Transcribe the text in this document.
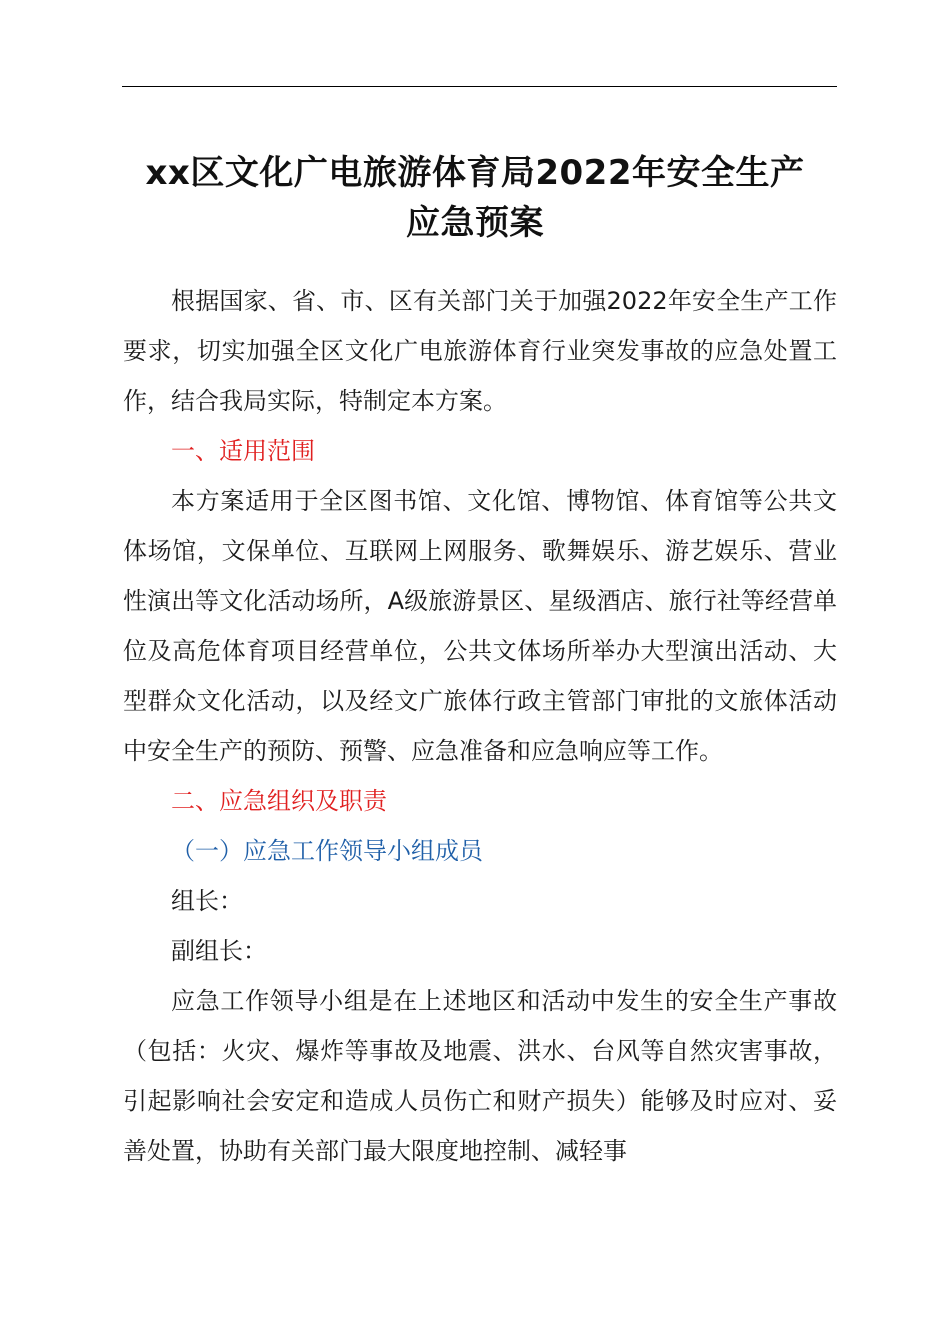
xx区文化广电旅游体育局2022年安全生产
应急预案

根据国家、省、市、区有关部门关于加强2022年安全生产工作要求，切实加强全区文化广电旅游体育行业突发事故的应急处置工作，结合我局实际，特制定本方案。

一、适用范围

本方案适用于全区图书馆、文化馆、博物馆、体育馆等公共文体场馆，文保单位、互联网上网服务、歌舞娱乐、游艺娱乐、营业性演出等文化活动场所，A级旅游景区、星级酒店、旅行社等经营单位及高危体育项目经营单位，公共文体场所举办大型演出活动、大型群众文化活动，以及经文广旅体行政主管部门审批的文旅体活动中安全生产的预防、预警、应急准备和应急响应等工作。

二、应急组织及职责

（一）应急工作领导小组成员

组长：

副组长：

应急工作领导小组是在上述地区和活动中发生的安全生产事故（包括：火灾、爆炸等事故及地震、洪水、台风等自然灾害事故，引起影响社会安定和造成人员伤亡和财产损失）能够及时应对、妥善处置，协助有关部门最大限度地控制、减轻事
